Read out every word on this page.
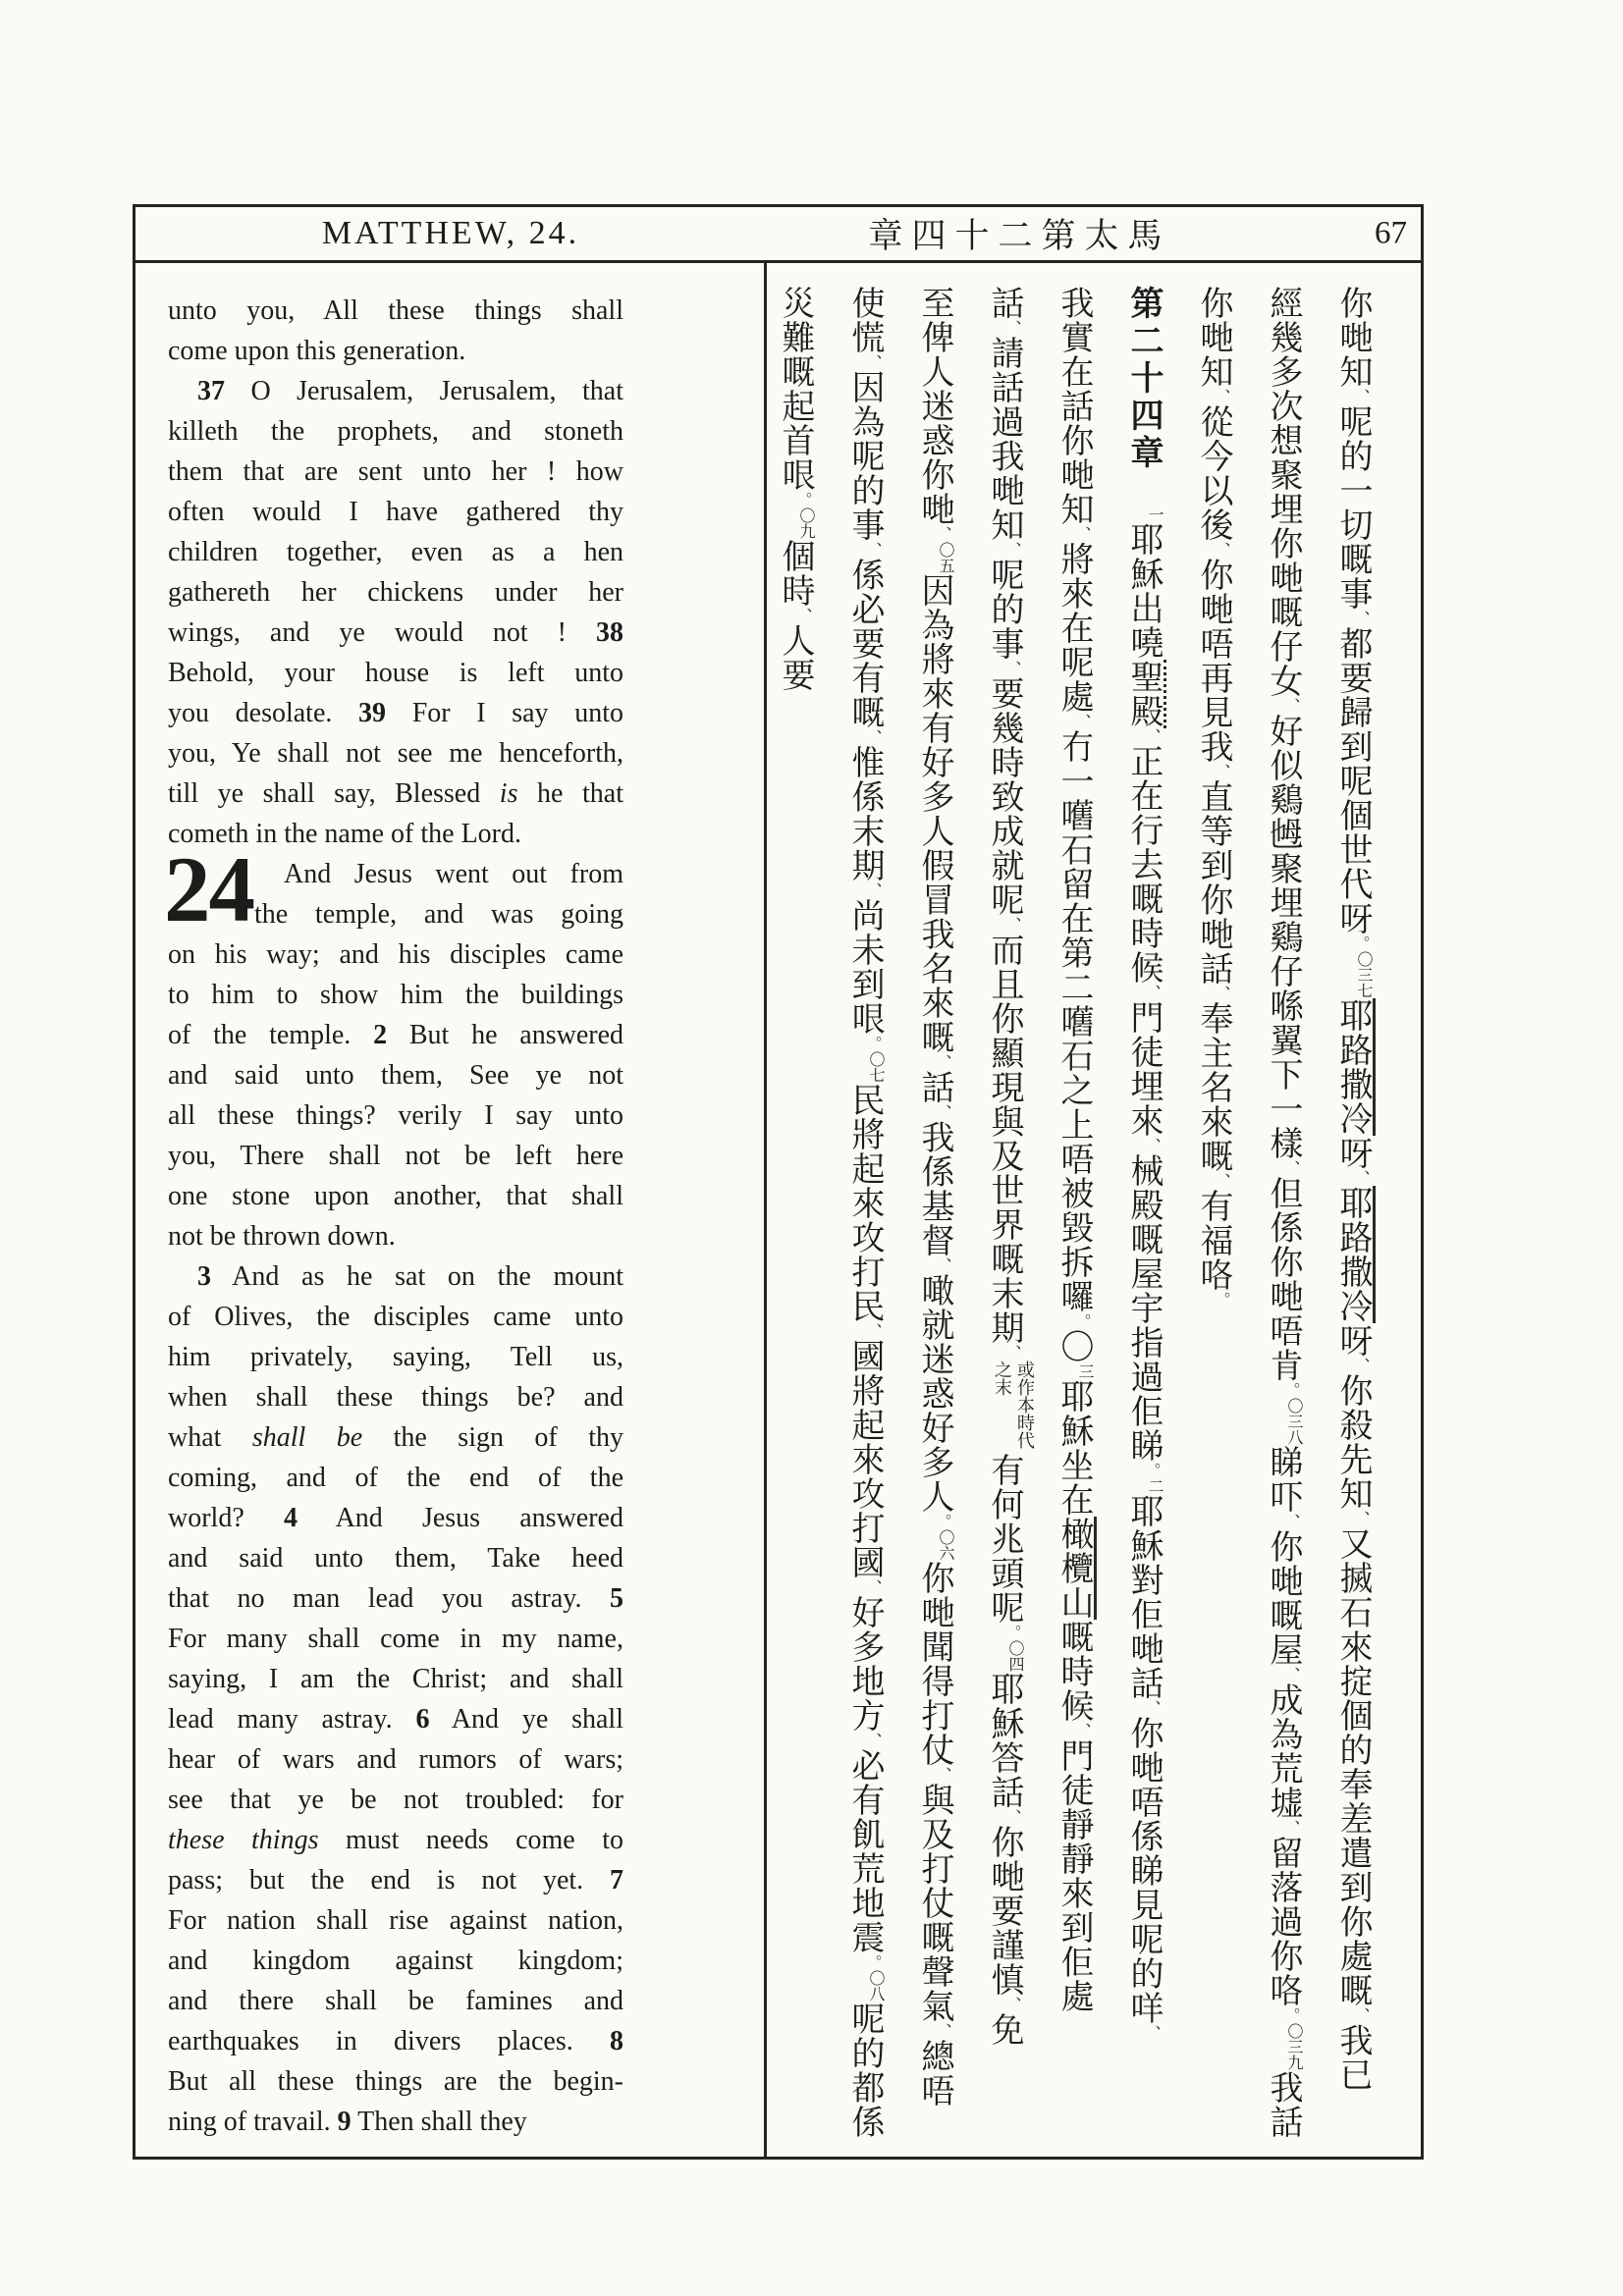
MATTHEW, 24.	章四十二第太馬	67
24
unto you, All these things shall
come upon this generation.
37 O Jerusalem, Jerusalem, that
killeth the prophets, and stoneth
them that are sent unto her ! how
often would I have gathered thy
children together, even as a hen
gathereth her chickens under her
wings, and ye would not ! 38
Behold, your house is left unto
you desolate. 39 For I say unto
you, Ye shall not see me henceforth,
till ye shall say, Blessed is he that
cometh in the name of the Lord.
And Jesus went out from
the temple, and was going
on his way; and his disciples came
to him to show him the buildings
of the temple. 2 But he answered
and said unto them, See ye not
all these things? verily I say unto
you, There shall not be left here
one stone upon another, that shall
not be thrown down.
3 And as he sat on the mount
of Olives, the disciples came unto
him privately, saying, Tell us,
when shall these things be? and
what shall be the sign of thy
coming, and of the end of the
world? 4 And Jesus answered
and said unto them, Take heed
that no man lead you astray. 5
For many shall come in my name,
saying, I am the Christ; and shall
lead many astray. 6 And ye shall
hear of wars and rumors of wars;
see that ye be not troubled: for
these things must needs come to
pass; but the end is not yet. 7
For nation shall rise against nation,
and kingdom against kingdom;
and there shall be famines and
earthquakes in divers places. 8
But all these things are the begin-
ning of travail. 9 Then shall they
你哋知、呢的一切嘅事、都要歸到呢個世代呀。〇三七耶路撒冷呀、耶路撒冷呀、你殺先知、又搣石來掟個的奉差遣到你處嘅、我已
經幾多次想聚埋你哋嘅仔女、好似鷄乸聚埋鷄仔喺翼下一樣、但係你哋唔肯。〇三八睇吓、你哋嘅屋、成為荒墟、留落過你咯。〇三九我話
你哋知、從今以後、你哋唔再見我、直等到你哋話、奉主名來嘅、有福咯。
第二十四章　一耶穌出嘵聖殿、正在行去嘅時候、門徒埋來、械殿嘅屋宇指過佢睇。二耶穌對佢哋話、你哋唔係睇見呢的咩、
我實在話你哋知、將來在呢處、冇一嚿石留在第二嚿石之上唔被毀拆囉。〇三耶穌坐在橄欖山嘅時候、門徒靜靜來到佢處
話、請話過我哋知、呢的事、要幾時致成就呢、而且你顯現與及世界嘅末期、或作本時代之末有何兆頭呢。〇四耶穌答話、你哋要謹慎、免
至俾人迷惑你哋、〇五因為將來有好多人假冒我名來嘅、話、我係基督、噉就迷惑好多人。〇六你哋聞得打仗、與及打仗嘅聲氣、總唔
使慌、因為呢的事、係必要有嘅、惟係末期、尚未到哏。〇七民將起來攻打民、國將起來攻打國、好多地方、必有飢荒地震。〇八呢的都係
災難嘅起首哏。〇九個時、人要
